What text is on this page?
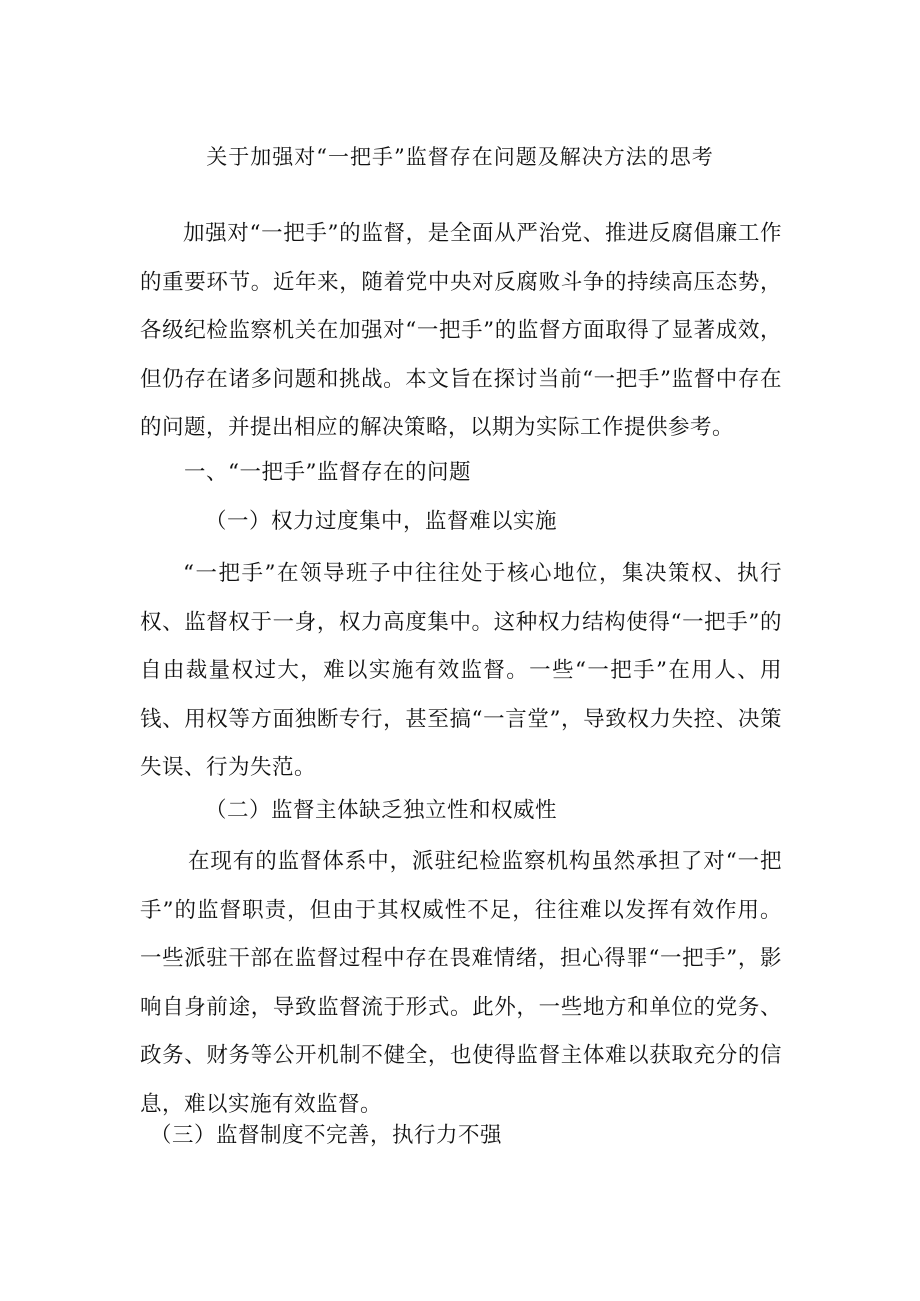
关于加强对“一把手”监督存在问题及解决方法的思考

加强对“一把手”的监督，是全面从严治党、推进反腐倡廉工作的重要环节。近年来，随着党中央对反腐败斗争的持续高压态势，各级纪检监察机关在加强对“一把手”的监督方面取得了显著成效，但仍存在诸多问题和挑战。本文旨在探讨当前“一把手”监督中存在的问题，并提出相应的解决策略，以期为实际工作提供参考。

一、“一把手”监督存在的问题
（一）权力过度集中，监督难以实施

“一把手”在领导班子中往往处于核心地位，集决策权、执行权、监督权于一身，权力高度集中。这种权力结构使得“一把手”的自由裁量权过大，难以实施有效监督。一些“一把手”在用人、用钱、用权等方面独断专行，甚至搞“一言堂”，导致权力失控、决策失误、行为失范。

（二）监督主体缺乏独立性和权威性

在现有的监督体系中，派驻纪检监察机构虽然承担了对“一把手”的监督职责，但由于其权威性不足，往往难以发挥有效作用。一些派驻干部在监督过程中存在畏难情绪，担心得罪“一把手”，影响自身前途，导致监督流于形式。此外，一些地方和单位的党务、政务、财务等公开机制不健全，也使得监督主体难以获取充分的信息，难以实施有效监督。

（三）监督制度不完善，执行力不强
